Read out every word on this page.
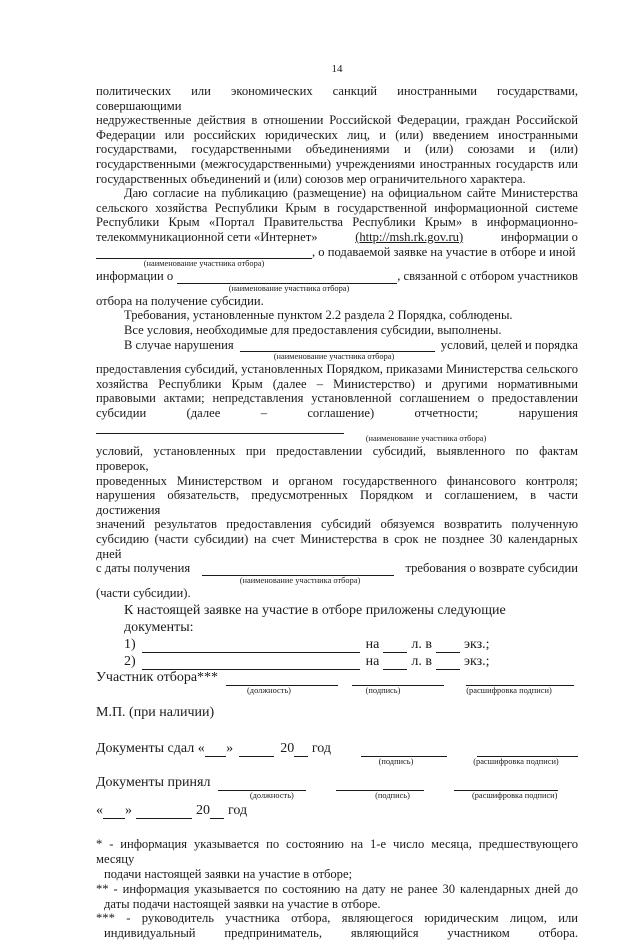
14

политических или экономических санкций иностранными государствами, совершающими

недружественные действия в отношении Российской Федерации, граждан Российской

Федерации или российских юридических лиц, и (или) введением иностранными

государствами, государственными объединениями и (или) союзами и (или)

государственными (межгосударственными) учреждениями иностранных государств или

государственных объединений и (или) союзов мер ограничительного характера.

Даю согласие на публикацию (размещение) на официальном сайте Министерства

сельского хозяйства Республики Крым в государственной информационной системе

Республики Крым «Портал Правительства Республики Крым» в информационно-

телекоммуникационной сети «Интернет»	(http://msh.rk.gov.ru)	информации о
, о подаваемой заявке на участие в отборе и иной
(наименование участника отбора)
информации о	, связанной с отбором участников
(наименование участника отбора)

отбора на получение субсидии.

Требования, установленные пунктом 2.2 раздела 2 Порядка, соблюдены.

Все условия, необходимые для предоставления субсидии, выполнены.

В случае нарушения	условий, целей и порядка
(наименование участника отбора)

предоставления субсидий, установленных Порядком, приказами Министерства сельского

хозяйства Республики Крым (далее – Министерство) и другими нормативными

правовыми актами; непредставления установленной соглашением о предоставлении

субсидии	(далее	–	соглашение)	отчетности;	нарушения
(наименование участника отбора)

условий, установленных при предоставлении субсидий, выявленного по фактам проверок,

проведенных Министерством и органом государственного финансового контроля;

нарушения обязательств, предусмотренных Порядком и соглашением, в части достижения

значений результатов предоставления субсидий обязуемся возвратить полученную

субсидию (части субсидии) на счет Министерства в срок не позднее 30 календарных дней

с даты получения	требования о возврате субсидии
(наименование участника отбора)

(части субсидии).

К настоящей заявке на участие в отборе приложены следующие документы:
1)	на л. в экз.;
2)	на л. в экз.;
Участник отбора***
(должность)	(подпись)	(расшифровка подписи)
М.П. (при наличии)
Документы сдал « »	20 год
(подпись)	(расшифровка подписи)
Документы принял
(должность)	(подпись)	(расшифровка подписи)
« »	20 год

* - информация указывается по состоянию на 1-е число месяца, предшествующего месяцу

подачи настоящей заявки на участие в отборе;

** - информация указывается по состоянию на дату не ранее 30 календарных дней до

даты подачи настоящей заявки на участие в отборе.

*** - руководитель участника отбора, являющегося юридическим лицом, или

индивидуальный предприниматель, являющийся участником отбора.
